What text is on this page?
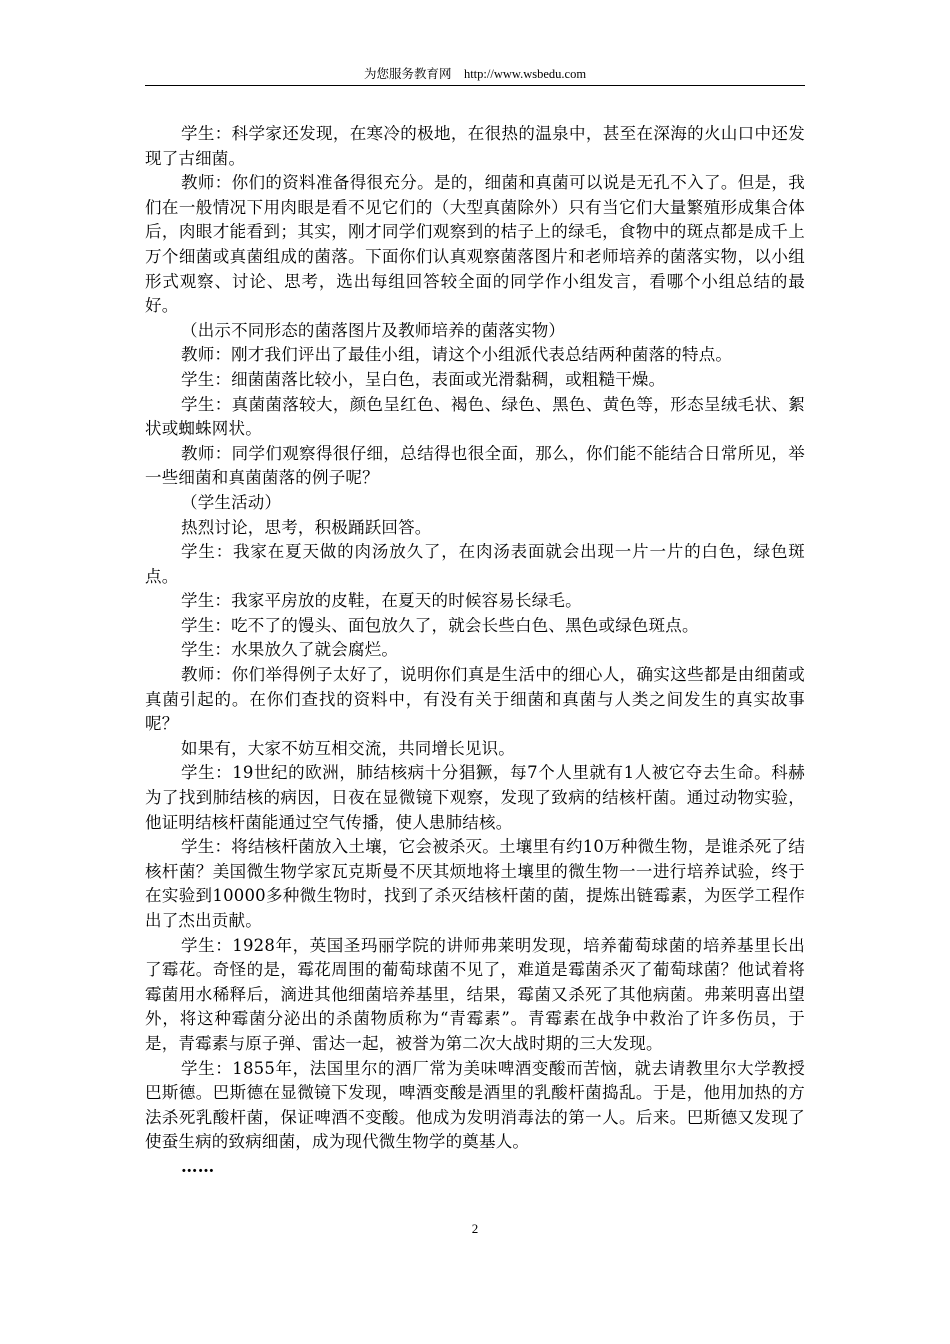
为您服务教育网 http://www.wsbedu.com

学生：科学家还发现，在寒冷的极地，在很热的温泉中，甚至在深海的火山口中还发现了古细菌。

教师：你们的资料准备得很充分。是的，细菌和真菌可以说是无孔不入了。但是，我们在一般情况下用肉眼是看不见它们的（大型真菌除外）只有当它们大量繁殖形成集合体后，肉眼才能看到；其实，刚才同学们观察到的桔子上的绿毛，食物中的斑点都是成千上万个细菌或真菌组成的菌落。下面你们认真观察菌落图片和老师培养的菌落实物，以小组形式观察、讨论、思考，选出每组回答较全面的同学作小组发言，看哪个小组总结的最好。

（出示不同形态的菌落图片及教师培养的菌落实物）

教师：刚才我们评出了最佳小组，请这个小组派代表总结两种菌落的特点。

学生：细菌菌落比较小，呈白色，表面或光滑黏稠，或粗糙干燥。

学生：真菌菌落较大，颜色呈红色、褐色、绿色、黑色、黄色等，形态呈绒毛状、絮状或蜘蛛网状。

教师：同学们观察得很仔细，总结得也很全面，那么，你们能不能结合日常所见，举一些细菌和真菌菌落的例子呢？

（学生活动）

热烈讨论，思考，积极踊跃回答。

学生：我家在夏天做的肉汤放久了，在肉汤表面就会出现一片一片的白色，绿色斑点。

学生：我家平房放的皮鞋，在夏天的时候容易长绿毛。

学生：吃不了的馒头、面包放久了，就会长些白色、黑色或绿色斑点。

学生：水果放久了就会腐烂。

教师：你们举得例子太好了，说明你们真是生活中的细心人，确实这些都是由细菌或真菌引起的。在你们查找的资料中，有没有关于细菌和真菌与人类之间发生的真实故事呢？

如果有，大家不妨互相交流，共同增长见识。

学生：19世纪的欧洲，肺结核病十分猖獗，每7个人里就有1人被它夺去生命。科赫为了找到肺结核的病因，日夜在显微镜下观察，发现了致病的结核杆菌。通过动物实验，他证明结核杆菌能通过空气传播，使人患肺结核。

学生：将结核杆菌放入土壤，它会被杀灭。土壤里有约10万种微生物，是谁杀死了结核杆菌？美国微生物学家瓦克斯曼不厌其烦地将土壤里的微生物一一进行培养试验，终于在实验到10000多种微生物时，找到了杀灭结核杆菌的菌，提炼出链霉素，为医学工程作出了杰出贡献。

学生：1928年，英国圣玛丽学院的讲师弗莱明发现，培养葡萄球菌的培养基里长出了霉花。奇怪的是，霉花周围的葡萄球菌不见了，难道是霉菌杀灭了葡萄球菌？他试着将霉菌用水稀释后，滴进其他细菌培养基里，结果，霉菌又杀死了其他病菌。弗莱明喜出望外，将这种霉菌分泌出的杀菌物质称为“青霉素”。青霉素在战争中救治了许多伤员，于是，青霉素与原子弹、雷达一起，被誉为第二次大战时期的三大发现。

学生：1855年，法国里尔的酒厂常为美味啤酒变酸而苦恼，就去请教里尔大学教授巴斯德。巴斯德在显微镜下发现，啤酒变酸是酒里的乳酸杆菌捣乱。于是，他用加热的方法杀死乳酸杆菌，保证啤酒不变酸。他成为发明消毒法的第一人。后来。巴斯德又发现了使蚕生病的致病细菌，成为现代微生物学的奠基人。

……

2
